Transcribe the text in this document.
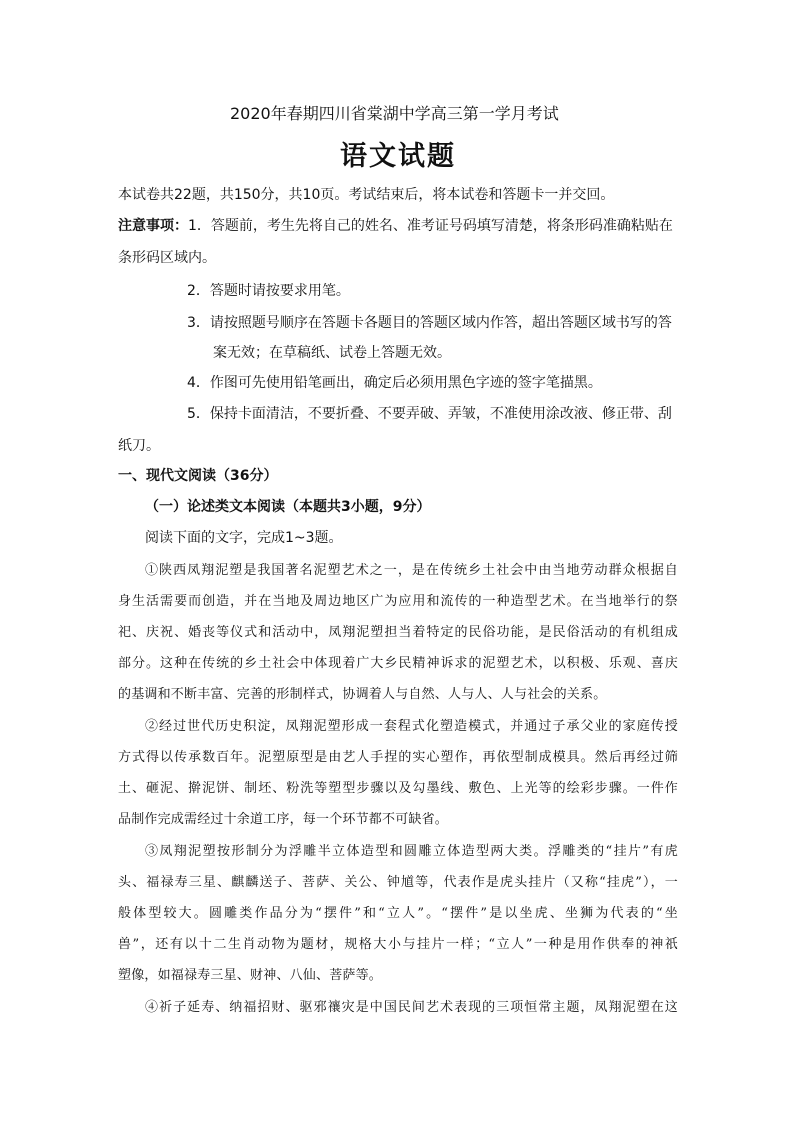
2020年春期四川省棠湖中学高三第一学月考试
语文试题
本试卷共22题，共150分，共10页。考试结束后，将本试卷和答题卡一并交回。
注意事项：1．答题前，考生先将自己的姓名、准考证号码填写清楚，将条形码准确粘贴在
条形码区域内。
2．答题时请按要求用笔。
3．请按照题号顺序在答题卡各题目的答题区域内作答，超出答题区域书写的答
案无效；在草稿纸、试卷上答题无效。
4．作图可先使用铅笔画出，确定后必须用黑色字迹的签字笔描黑。
5．保持卡面清洁，不要折叠、不要弄破、弄皱，不准使用涂改液、修正带、刮
纸刀。
一、现代文阅读（36分）
（一）论述类文本阅读（本题共3小题，9分）
阅读下面的文字，完成1~3题。
①陕西凤翔泥塑是我国著名泥塑艺术之一，是在传统乡土社会中由当地劳动群众根据自
身生活需要而创造，并在当地及周边地区广为应用和流传的一种造型艺术。在当地举行的祭
祀、庆祝、婚丧等仪式和活动中，凤翔泥塑担当着特定的民俗功能，是民俗活动的有机组成
部分。这种在传统的乡土社会中体现着广大乡民精神诉求的泥塑艺术，以积极、乐观、喜庆
的基调和不断丰富、完善的形制样式，协调着人与自然、人与人、人与社会的关系。
②经过世代历史积淀，凤翔泥塑形成一套程式化塑造模式，并通过子承父业的家庭传授
方式得以传承数百年。泥塑原型是由艺人手捏的实心塑作，再依型制成模具。然后再经过筛
土、砸泥、擀泥饼、制坯、粉洗等塑型步骤以及勾墨线、敷色、上光等的绘彩步骤。一件作
品制作完成需经过十余道工序，每一个环节都不可缺省。
③凤翔泥塑按形制分为浮雕半立体造型和圆雕立体造型两大类。浮雕类的“挂片”有虎
头、福禄寿三星、麒麟送子、菩萨、关公、钟馗等，代表作是虎头挂片（又称“挂虎”），一
般体型较大。圆雕类作品分为“摆件”和“立人”。“摆件”是以坐虎、坐狮为代表的“坐
兽”，还有以十二生肖动物为题材，规格大小与挂片一样；“立人”一种是用作供奉的神祇
塑像，如福禄寿三星、财神、八仙、菩萨等。
④祈子延寿、纳福招财、驱邪禳灾是中国民间艺术表现的三项恒常主题，凤翔泥塑在这
